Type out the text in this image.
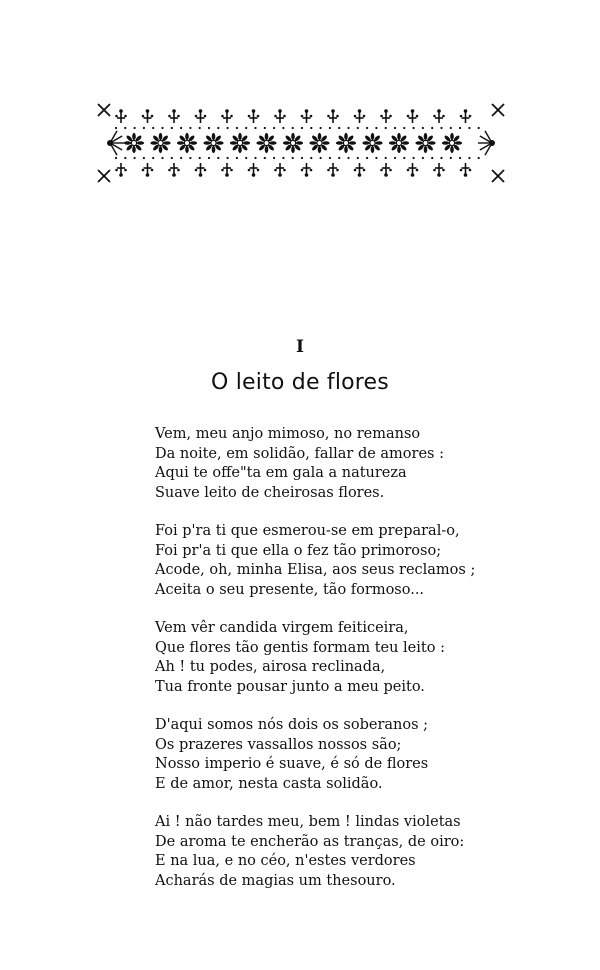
I
O leito de flores
Vem, meu anjo mimoso, no remanso
Da noite, em solidão, fallar de amores :
Aqui te offe"ta em gala a natureza
Suave leito de cheirosas flores.
Foi p'ra ti que esmerou-se em preparal-o,
Foi pr'a ti que ella o fez tão primoroso;
Acode, oh, minha Elisa, aos seus reclamos ;
Aceita o seu presente, tão formoso...
Vem vêr candida virgem feiticeira,
Que flores tão gentis formam teu leito :
Ah ! tu podes, airosa reclinada,
Tua fronte pousar junto a meu peito.
D'aqui somos nós dois os soberanos ;
Os prazeres vassallos nossos são;
Nosso imperio é suave, é só de flores
E de amor, nesta casta solidão.
Ai ! não tardes meu, bem ! lindas violetas
De aroma te encherão as tranças, de oiro:
E na lua, e no céo, n'estes verdores
Acharás de magias um thesouro.
